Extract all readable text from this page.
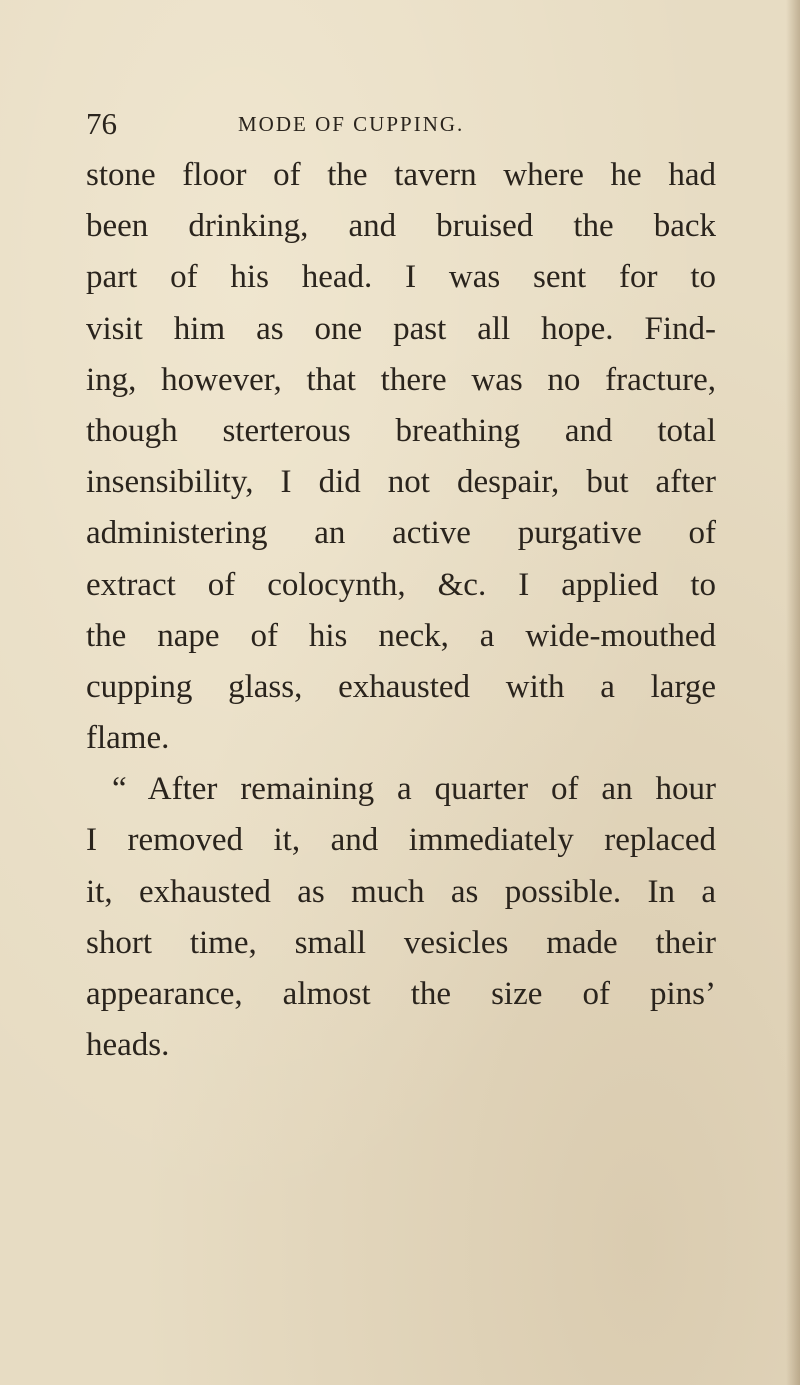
76	MODE OF CUPPING.
stone floor of the tavern where he had
been drinking, and bruised the back
part of his head. I was sent for to
visit him as one past all hope. Find-
ing, however, that there was no fracture,
though sterterous breathing and total
insensibility, I did not despair, but after
administering an active purgative of
extract of colocynth, &c. I applied to
the nape of his neck, a wide-mouthed
cupping glass, exhausted with a large
flame.
“ After remaining a quarter of an hour
I removed it, and immediately replaced
it, exhausted as much as possible. In a
short time, small vesicles made their
appearance, almost the size of pins’
heads.
